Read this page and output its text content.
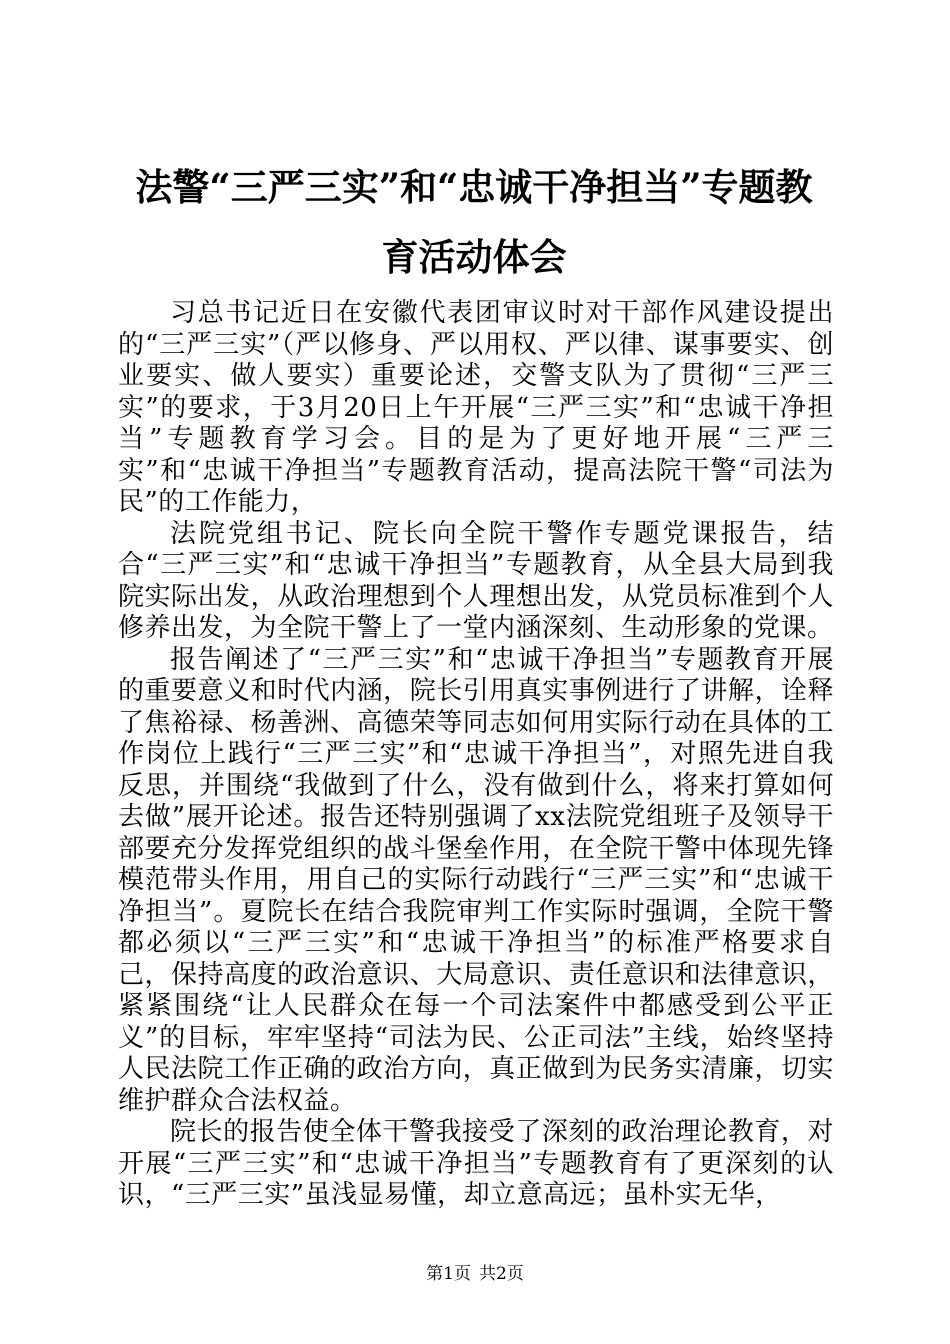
法警“三严三实”和“忠诚干净担当”专题教育活动体会

习总书记近日在安徽代表团审议时对干部作风建设提出的“三严三实”（严以修身、严以用权、严以律、谋事要实、创业要实、做人要实）重要论述，交警支队为了贯彻“三严三实”的要求，于3月20日上午开展“三严三实”和“忠诚干净担当”专题教育学习会。目的是为了更好地开展“三严三实”和“忠诚干净担当”专题教育活动，提高法院干警“司法为民”的工作能力，

法院党组书记、院长向全院干警作专题党课报告，结合“三严三实”和“忠诚干净担当”专题教育，从全县大局到我院实际出发，从政治理想到个人理想出发，从党员标准到个人修养出发，为全院干警上了一堂内涵深刻、生动形象的党课。

报告阐述了“三严三实”和“忠诚干净担当”专题教育开展的重要意义和时代内涵，院长引用真实事例进行了讲解，诠释了焦裕禄、杨善洲、高德荣等同志如何用实际行动在具体的工作岗位上践行“三严三实”和“忠诚干净担当”，对照先进自我反思，并围绕“我做到了什么，没有做到什么，将来打算如何去做”展开论述。报告还特别强调了xx法院党组班子及领导干部要充分发挥党组织的战斗堡垒作用，在全院干警中体现先锋模范带头作用，用自己的实际行动践行“三严三实”和“忠诚干净担当”。夏院长在结合我院审判工作实际时强调，全院干警都必须以“三严三实”和“忠诚干净担当”的标准严格要求自己，保持高度的政治意识、大局意识、责任意识和法律意识，紧紧围绕“让人民群众在每一个司法案件中都感受到公平正义”的目标，牢牢坚持“司法为民、公正司法”主线，始终坚持人民法院工作正确的政治方向，真正做到为民务实清廉，切实维护群众合法权益。

院长的报告使全体干警我接受了深刻的政治理论教育，对开展“三严三实”和“忠诚干净担当”专题教育有了更深刻的认识，“三严三实”虽浅显易懂，却立意高远；虽朴实无华，

第1页 共2页
